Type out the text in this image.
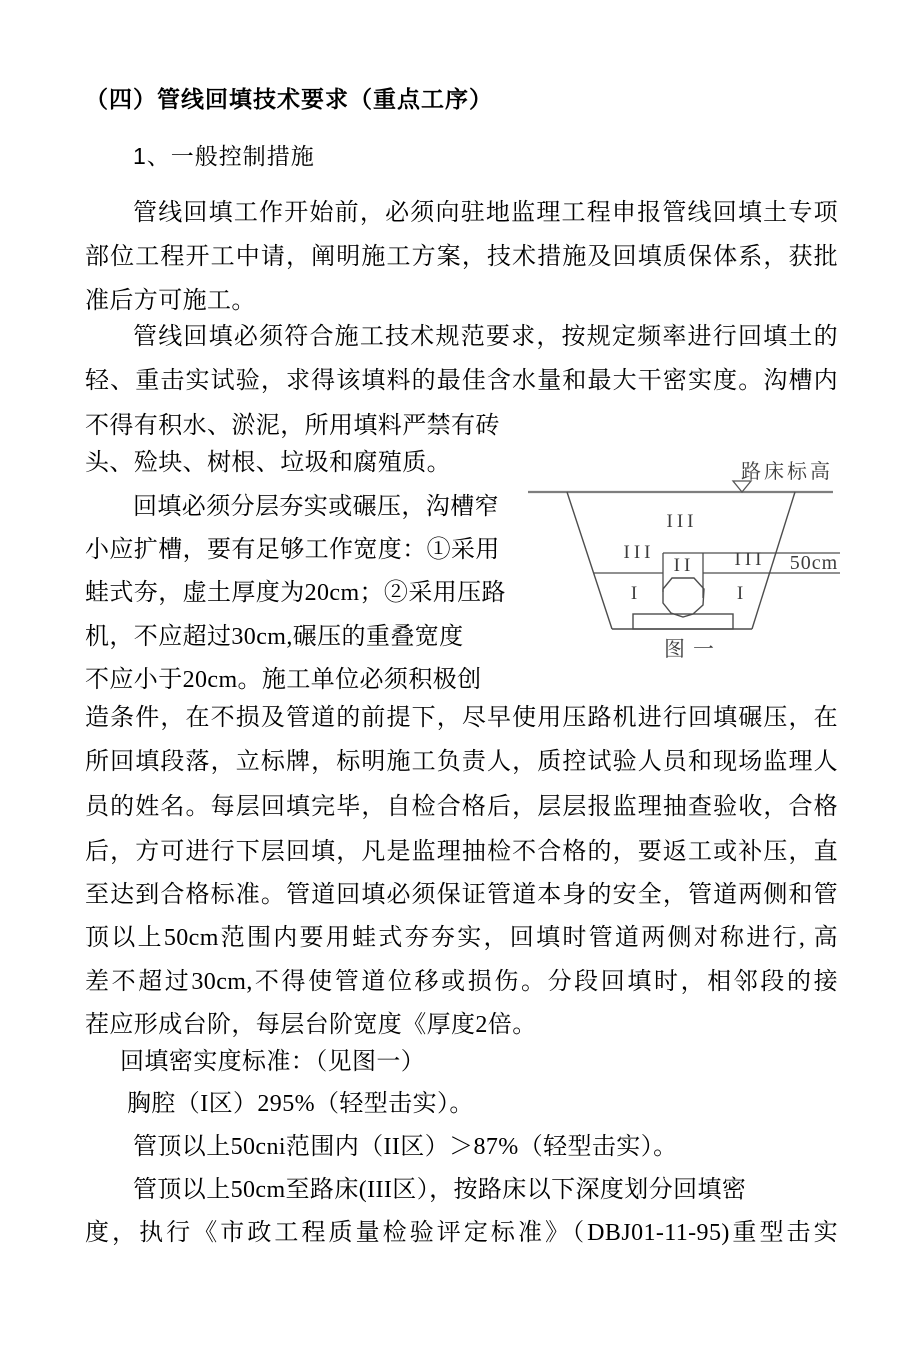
（四）管线回填技术要求（重点工序）
1、一般控制措施
管线回填工作开始前，必须向驻地监理工程申报管线回填土专项
部位工程开工中请，阐明施工方案，技术措施及回填质保体系，获批
准后方可施工。
管线回填必须符合施工技术规范要求，按规定频率进行回填土的
轻、重击实试验，求得该填料的最佳含水量和最大干密实度。沟槽内
不得有积水、淤泥，所用填料严禁有砖
头、殓块、树根、垃圾和腐殖质。
回填必须分层夯实或碾压，沟槽窄
小应扩槽，要有足够工作宽度：①采用
蛙式夯，虚土厚度为20cm；②采用压路
机，不应超过30cm,碾压的重叠宽度
不应小于20cm。施工单位必须积极创
造条件，在不损及管道的前提下，尽早使用压路机进行回填碾压，在
所回填段落，立标牌，标明施工负责人，质控试验人员和现场监理人
员的姓名。每层回填完毕，自检合格后，层层报监理抽查验收，合格
后，方可进行下层回填，凡是监理抽检不合格的，要返工或补压，直
至达到合格标准。管道回填必须保证管道本身的安全，管道两侧和管
顶以上50cm范围内要用蛙式夯夯实，回填时管道两侧对称进行, 高
差不超过30cm,不得使管道位移或损伤。分段回填时，相邻段的接
茬应形成台阶，每层台阶宽度《厚度2倍。
回填密实度标准：（见图一）
胸腔（I区）295%（轻型击实）。
管顶以上50cni范围内（II区）＞87%（轻型击实）。
管顶以上50cm至路床(III区），按路床以下深度划分回填密
度，执行《市政工程质量检验评定标准》（DBJ01-11-95)重型击实
路床标高
III
III
II III
I	I
50cm
图一
